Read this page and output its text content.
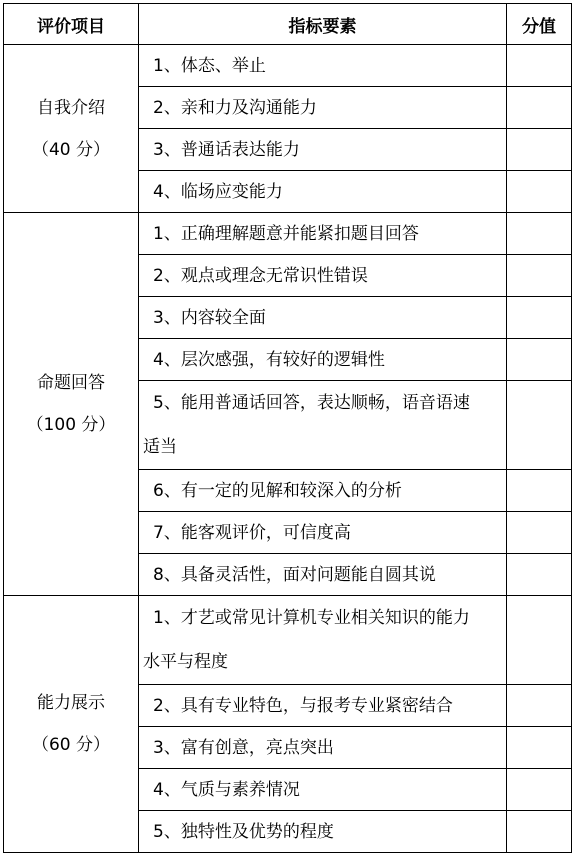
评价项目	指标要素	分值

自我介绍
（40 分）	1、体态、举止	
	2、亲和力及沟通能力	
	3、普通话表达能力	
	4、临场应变能力	

命题回答
（100 分）	1、正确理解题意并能紧扣题目回答	
	2、观点或理念无常识性错误	
	3、内容较全面	
	4、层次感强，有较好的逻辑性	

	5、能用普通话回答，表达顺畅，语音语速
适当	

	6、有一定的见解和较深入的分析	
	7、能客观评价，可信度高	
	8、具备灵活性，面对问题能自圆其说	

能力展示
（60 分）	1、才艺或常见计算机专业相关知识的能力
水平与程度	

	2、具有专业特色，与报考专业紧密结合	
	3、富有创意，亮点突出	
	4、气质与素养情况	
	5、独特性及优势的程度	
